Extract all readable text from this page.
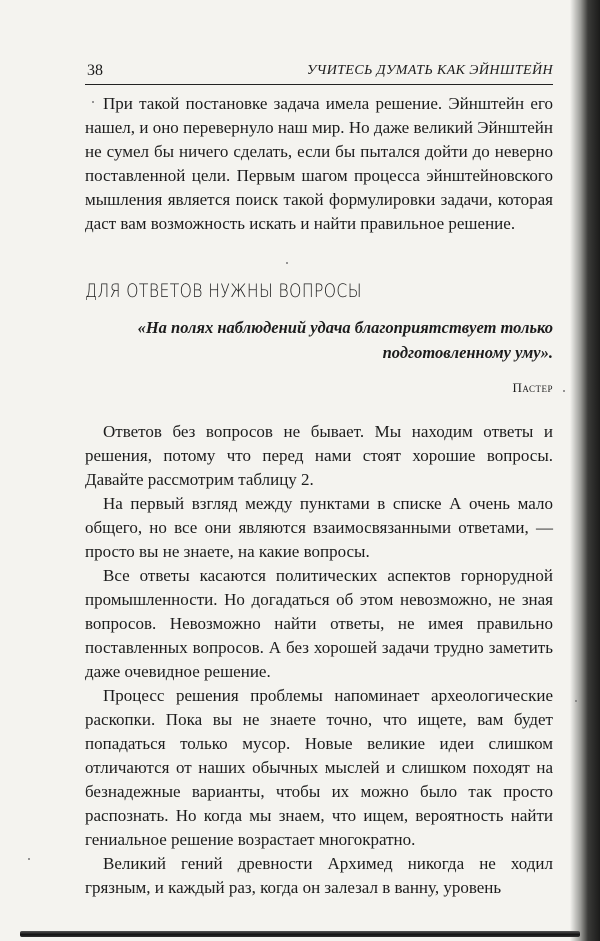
38	УЧИТЕСЬ ДУМАТЬ КАК ЭЙНШТЕЙН

При такой постановке задача имела решение. Эйнштейн его нашел, и оно перевернуло наш мир. Но даже великий Эйнштейн не сумел бы ничего сделать, если бы пытался дойти до неверно поставленной цели. Первым шагом процесса эйнштейновского мышления является поиск такой формулировки задачи, которая даст вам возможность искать и найти правильное решение.

ДЛЯ ОТВЕТОВ НУЖНЫ ВОПРОСЫ
«На полях наблюдений удача благоприятствует только
подготовленному уму».
Пастер

Ответов без вопросов не бывает. Мы находим ответы и решения, потому что перед нами стоят хорошие вопросы. Давайте рассмотрим таблицу 2.

На первый взгляд между пунктами в списке А очень мало общего, но все они являются взаимосвязанными ответами, — просто вы не знаете, на какие вопросы.

Все ответы касаются политических аспектов горнорудной промышленности. Но догадаться об этом невозможно, не зная вопросов. Невозможно найти ответы, не имея правильно поставленных вопросов. А без хорошей задачи трудно заметить даже очевидное решение.

Процесс решения проблемы напоминает археологические раскопки. Пока вы не знаете точно, что ищете, вам будет попадаться только мусор. Новые великие идеи слишком отличаются от наших обычных мыслей и слишком походят на безнадежные варианты, чтобы их можно было так просто распознать. Но когда мы знаем, что ищем, вероятность найти гениальное решение возрастает многократно.

Великий гений древности Архимед никогда не ходил грязным, и каждый раз, когда он залезал в ванну, уровень
